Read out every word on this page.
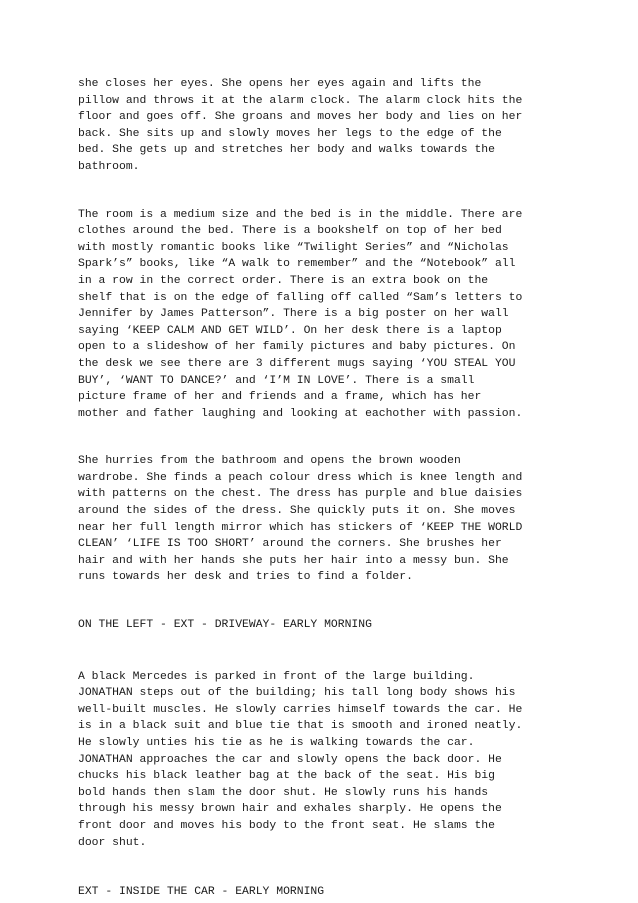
she closes her eyes. She opens her eyes again and lifts the
pillow and throws it at the alarm clock. The alarm clock hits the
floor and goes off. She groans and moves her body and lies on her
back. She sits up and slowly moves her legs to the edge of the
bed. She gets up and stretches her body and walks towards the
bathroom.

The room is a medium size and the bed is in the middle. There are
clothes around the bed. There is a bookshelf on top of her bed
with mostly romantic books like “Twilight Series” and “Nicholas
Spark’s” books, like “A walk to remember” and the “Notebook” all
in a row in the correct order. There is an extra book on the
shelf that is on the edge of falling off called “Sam’s letters to
Jennifer by James Patterson”. There is a big poster on her wall
saying ‘KEEP CALM AND GET WILD’. On her desk there is a laptop
open to a slideshow of her family pictures and baby pictures. On
the desk we see there are 3 different mugs saying ‘YOU STEAL YOU
BUY’, ‘WANT TO DANCE?’ and ‘I’M IN LOVE’. There is a small
picture frame of her and friends and a frame, which has her
mother and father laughing and looking at eachother with passion.

She hurries from the bathroom and opens the brown wooden
wardrobe. She finds a peach colour dress which is knee length and
with patterns on the chest. The dress has purple and blue daisies
around the sides of the dress. She quickly puts it on. She moves
near her full length mirror which has stickers of ‘KEEP THE WORLD
CLEAN’ ‘LIFE IS TOO SHORT’ around the corners. She brushes her
hair and with her hands she puts her hair into a messy bun. She
runs towards her desk and tries to find a folder.

ON THE LEFT - EXT - DRIVEWAY- EARLY MORNING

A black Mercedes is parked in front of the large building.
JONATHAN steps out of the building; his tall long body shows his
well-built muscles. He slowly carries himself towards the car. He
is in a black suit and blue tie that is smooth and ironed neatly.
He slowly unties his tie as he is walking towards the car.
JONATHAN approaches the car and slowly opens the back door. He
chucks his black leather bag at the back of the seat. His big
bold hands then slam the door shut. He slowly runs his hands
through his messy brown hair and exhales sharply. He opens the
front door and moves his body to the front seat. He slams the
door shut.

EXT - INSIDE THE CAR - EARLY MORNING
